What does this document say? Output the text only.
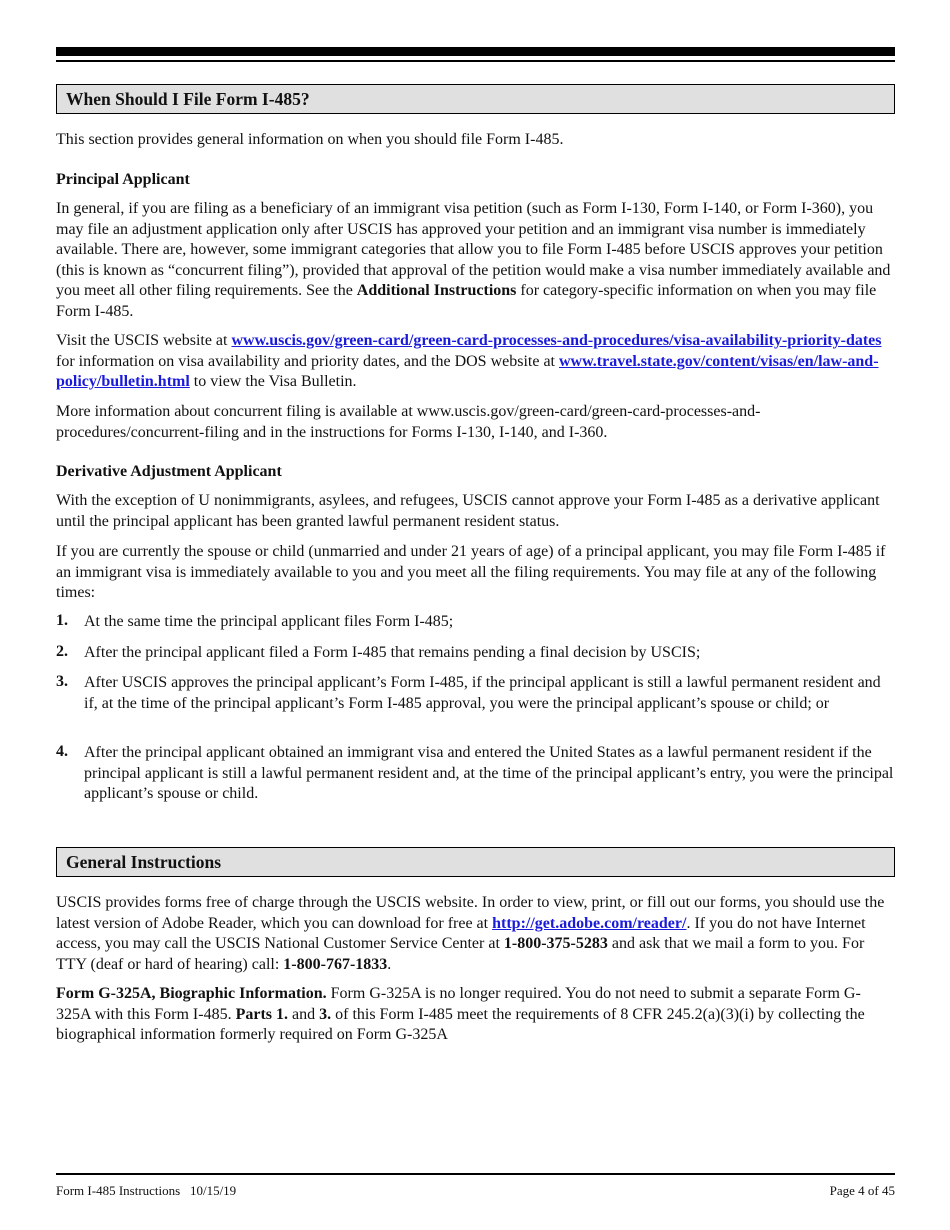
When Should I File Form I-485?

This section provides general information on when you should file Form I-485.

Principal Applicant

In general, if you are filing as a beneficiary of an immigrant visa petition (such as Form I-130, Form I-140, or Form I-360), you may file an adjustment application only after USCIS has approved your petition and an immigrant visa number is immediately available. There are, however, some immigrant categories that allow you to file Form I-485 before USCIS approves your petition (this is known as “concurrent filing”), provided that approval of the petition would make a visa number immediately available and you meet all other filing requirements. See the Additional Instructions for category-specific information on when you may file Form I-485.

Visit the USCIS website at www.uscis.gov/green-card/green-card-processes-and-procedures/visa-availability-priority-dates for information on visa availability and priority dates, and the DOS website at www.travel.state.gov/content/visas/en/law-and-policy/bulletin.html to view the Visa Bulletin.

More information about concurrent filing is available at www.uscis.gov/green-card/green-card-processes-and-procedures/concurrent-filing and in the instructions for Forms I-130, I-140, and I-360.

Derivative Adjustment Applicant

With the exception of U nonimmigrants, asylees, and refugees, USCIS cannot approve your Form I-485 as a derivative applicant until the principal applicant has been granted lawful permanent resident status.

If you are currently the spouse or child (unmarried and under 21 years of age) of a principal applicant, you may file Form I-485 if an immigrant visa is immediately available to you and you meet all the filing requirements. You may file at any of the following times:

1. At the same time the principal applicant files Form I-485;

2. After the principal applicant filed a Form I-485 that remains pending a final decision by USCIS;

3. After USCIS approves the principal applicant’s Form I-485, if the principal applicant is still a lawful permanent resident and if, at the time of the principal applicant’s Form I-485 approval, you were the principal applicant’s spouse or child; or

4. After the principal applicant obtained an immigrant visa and entered the United States as a lawful permanent resident if the principal applicant is still a lawful permanent resident and, at the time of the principal applicant’s entry, you were the principal applicant’s spouse or child.

General Instructions

USCIS provides forms free of charge through the USCIS website. In order to view, print, or fill out our forms, you should use the latest version of Adobe Reader, which you can download for free at http://get.adobe.com/reader/. If you do not have Internet access, you may call the USCIS National Customer Service Center at 1-800-375-5283 and ask that we mail a form to you. For TTY (deaf or hard of hearing) call: 1-800-767-1833.

Form G-325A, Biographic Information. Form G-325A is no longer required. You do not need to submit a separate Form G-325A with this Form I-485. Parts 1. and 3. of this Form I-485 meet the requirements of 8 CFR 245.2(a)(3)(i) by collecting the biographical information formerly required on Form G-325A

Form I-485 Instructions   10/15/19	Page 4 of 45
